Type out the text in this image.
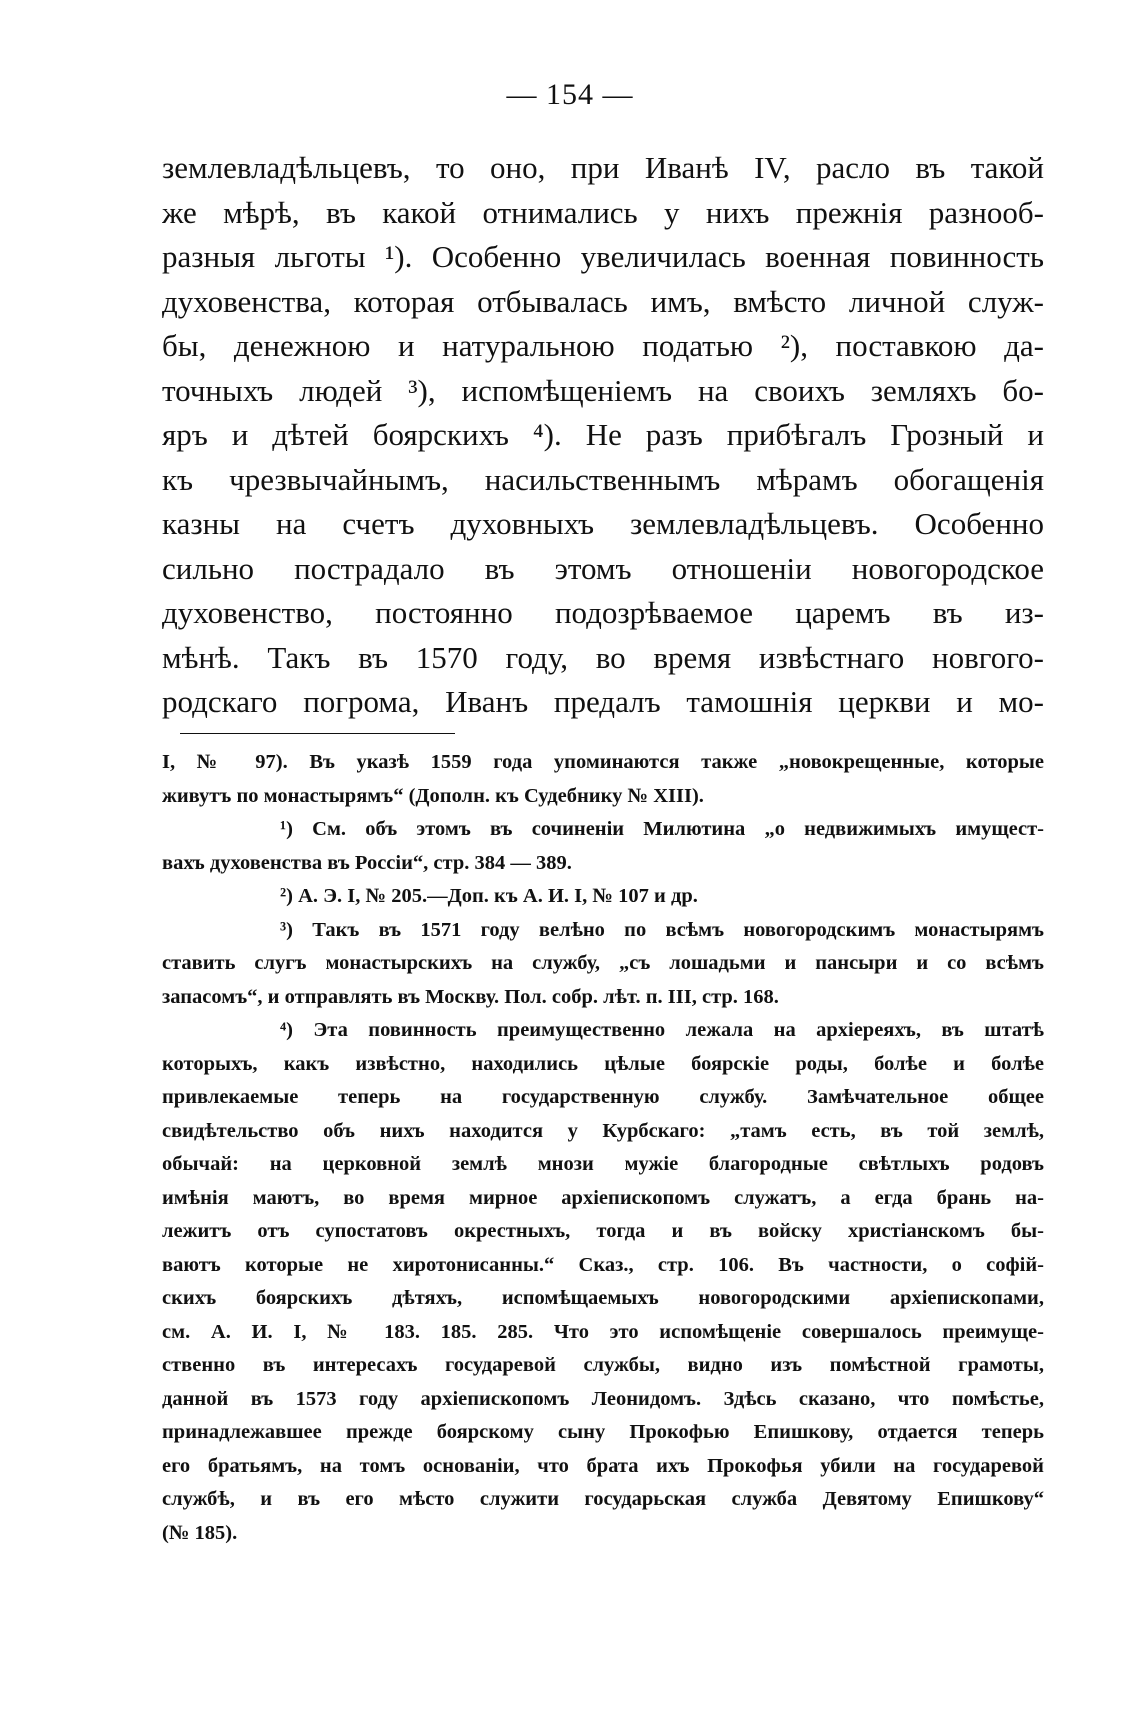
— 154 —
землевладѣльцевъ, то оно, при Иванѣ IV, расло въ такой
же мѣрѣ, въ какой отнимались у нихъ прежнія разнооб-
разныя льготы ¹). Особенно увеличилась военная повинность
духовенства, которая отбывалась имъ, вмѣсто личной служ-
бы, денежною и натуральною податью ²), поставкою да-
точныхъ людей ³), испомѣщеніемъ на своихъ земляхъ бо-
яръ и дѣтей боярскихъ ⁴). Не разъ прибѣгалъ Грозный и
къ чрезвычайнымъ, насильственнымъ мѣрамъ обогащенія
казны на счетъ духовныхъ землевладѣльцевъ. Особенно
сильно пострадало въ этомъ отношеніи новогородское
духовенство, постоянно подозрѣваемое царемъ въ из-
мѣнѣ. Такъ въ 1570 году, во время извѣстнаго новгого-
родскаго погрома, Иванъ предалъ тамошнія церкви и мо-
I, № 97). Въ указѣ 1559 года упоминаются также „новокрещенные, которые
живутъ по монастырямъ“ (Дополн. къ Судебнику № XIII).
¹) См. объ этомъ въ сочиненіи Милютина „о недвижимыхъ имущест-
вахъ духовенства въ Россіи“, стр. 384 — 389.
²) А. Э. I, № 205.—Доп. къ А. И. I, № 107 и др.
³) Такъ въ 1571 году велѣно по всѣмъ новогородскимъ монастырямъ
ставить слугъ монастырскихъ на службу, „съ лошадьми и пансыри и со всѣмъ
запасомъ“, и отправлять въ Москву. Пол. собр. лѣт. п. III, стр. 168.
⁴) Эта повинность преимущественно лежала на архіереяхъ, въ штатѣ
которыхъ, какъ извѣстно, находились цѣлые боярскіе роды, болѣе и болѣе
привлекаемые теперь на государственную службу. Замѣчательное общее
свидѣтельство объ нихъ находится у Курбскаго: „тамъ есть, въ той землѣ,
обычай: на церковной землѣ мнози мужіе благородные свѣтлыхъ родовъ
имѣнія маютъ, во время мирное архіепископомъ служатъ, а егда брань на-
лежитъ отъ супостатовъ окрестныхъ, тогда и въ войску христіанскомъ бы-
ваютъ которые не хиротонисанны.“ Сказ., стр. 106. Въ частности, о софій-
скихъ боярскихъ дѣтяхъ, испомѣщаемыхъ новогородскими архіепископами,
см. А. И. I, № 183. 185. 285. Что это испомѣщеніе совершалось преимуще-
ственно въ интересахъ государевой службы, видно изъ помѣстной грамоты,
данной въ 1573 году архіепископомъ Леонидомъ. Здѣсь сказано, что помѣстье,
принадлежавшее прежде боярскому сыну Прокофью Епишкову, отдается теперь
его братьямъ, на томъ основаніи, что брата ихъ Прокофья убили на государевой
службѣ, и въ его мѣсто служити государьская служба Девятому Епишкову“
(№ 185).
